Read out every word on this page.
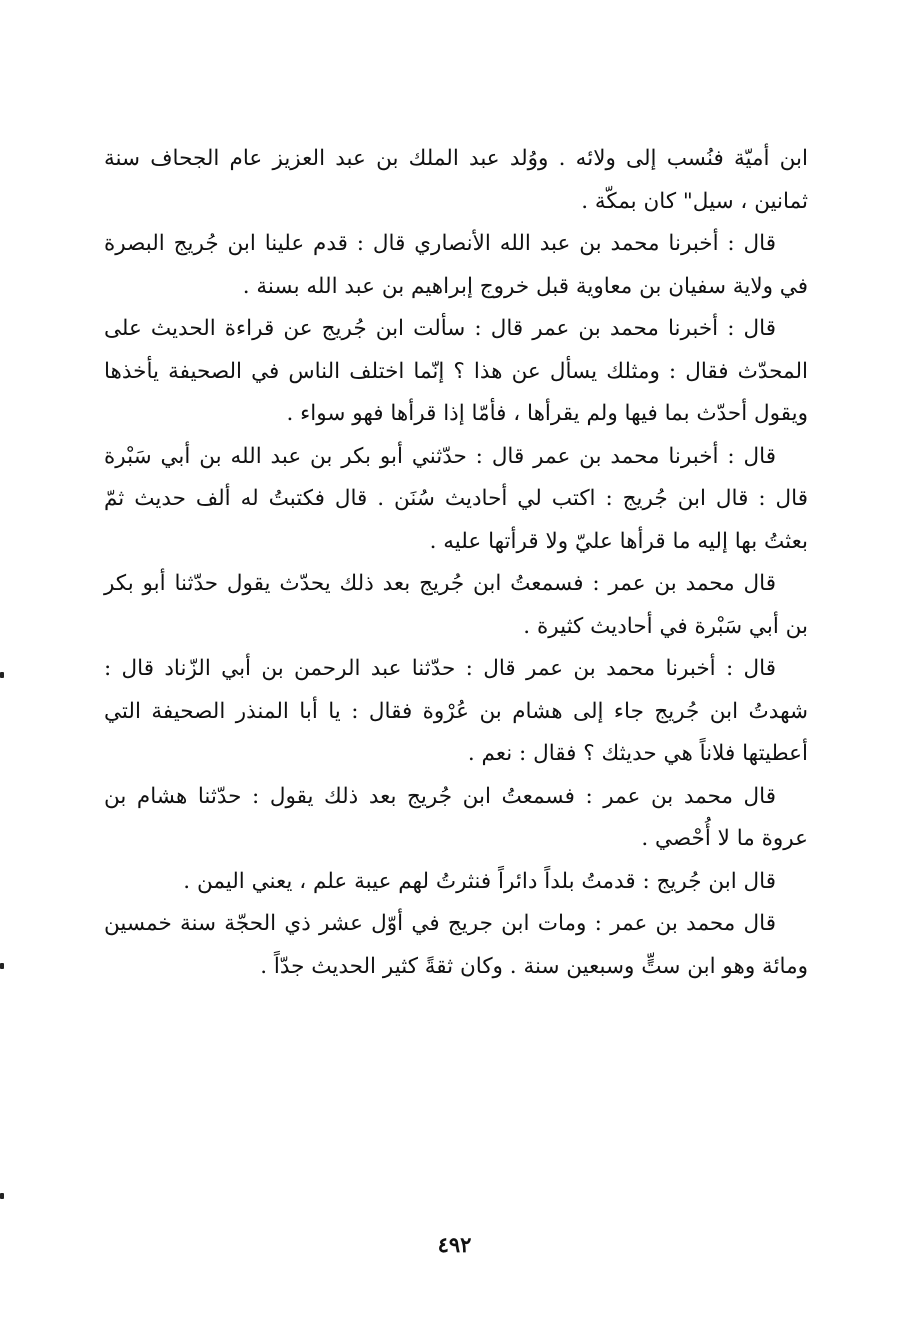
ابن أميّة فنُسب إلى ولائه . ووُلد عبد الملك بن عبد العزيز عام الجحاف سنة ثمانين ، سيل" كان بمكّة .

قال : أخبرنا محمد بن عبد الله الأنصاري قال : قدم علينا ابن جُريج البصرة في ولاية سفيان بن معاوية قبل خروج إبراهيم بن عبد الله بسنة .

قال : أخبرنا محمد بن عمر قال : سألت ابن جُريج عن قراءة الحديث على المحدّث فقال : ومثلك يسأل عن هذا ؟ إنّما اختلف الناس في الصحيفة يأخذها ويقول أحدّث بما فيها ولم يقرأها ، فأمّا إذا قرأها فهو سواء .

قال : أخبرنا محمد بن عمر قال : حدّثني أبو بكر بن عبد الله بن أبي سَبْرة قال : قال ابن جُريج : اكتب لي أحاديث سُنَن . قال فكتبتُ له ألف حديث ثمّ بعثتُ بها إليه ما قرأها عليّ ولا قرأتها عليه .

قال محمد بن عمر : فسمعتُ ابن جُريج بعد ذلك يحدّث يقول حدّثنا أبو بكر بن أبي سَبْرة في أحاديث كثيرة .

قال : أخبرنا محمد بن عمر قال : حدّثنا عبد الرحمن بن أبي الزّناد قال : شهدتُ ابن جُريج جاء إلى هشام بن عُرْوة فقال : يا أبا المنذر الصحيفة التي أعطيتها فلاناً هي حديثك ؟ فقال : نعم .

قال محمد بن عمر : فسمعتُ ابن جُريج بعد ذلك يقول : حدّثنا هشام بن عروة ما لا أُحْصي .

قال ابن جُريج : قدمتُ بلداً دائراً فنثرتُ لهم عيبة علم ، يعني اليمن .

قال محمد بن عمر : ومات ابن جريج في أوّل عشر ذي الحجّة سنة خمسين ومائة وهو ابن ستٍّ وسبعين سنة . وكان ثقةً كثير الحديث جدّاً .

٤٩٢
